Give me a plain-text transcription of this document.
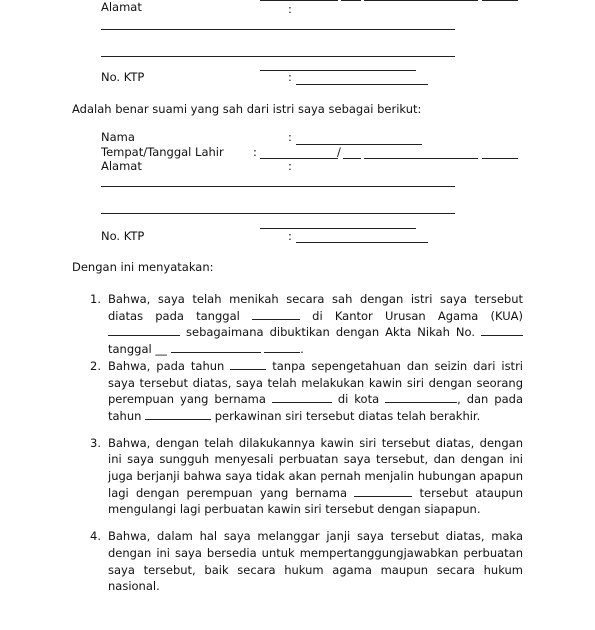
Alamat	:
No. KTP	:
Adalah benar suami yang sah dari istri saya sebagai berikut:
Nama	:
Tempat/Tanggal Lahir	:	/
Alamat	:
No. KTP	:
Dengan ini menyatakan:
1. Bahwa, saya telah menikah secara sah dengan istri saya tersebut diatas pada tanggal	di Kantor Urusan Agama (KUA)  sebagaimana dibuktikan dengan Akta Nikah No.  tanggal __	.
2. Bahwa, pada tahun	tanpa sepengetahuan dan seizin dari istri saya tersebut diatas, saya telah melakukan kawin siri dengan seorang perempuan yang bernama	di kota	, dan pada tahun	perkawinan siri tersebut diatas telah berakhir.
3. Bahwa, dengan telah dilakukannya kawin siri tersebut diatas, dengan ini saya sungguh menyesali perbuatan saya tersebut, dan dengan ini juga berjanji bahwa saya tidak akan pernah menjalin hubungan apapun lagi dengan perempuan yang bernama	tersebut ataupun mengulangi lagi perbuatan kawin siri tersebut dengan siapapun.
4. Bahwa, dalam hal saya melanggar janji saya tersebut diatas, maka dengan ini saya bersedia untuk mempertanggungjawabkan perbuatan saya tersebut, baik secara hukum agama maupun secara hukum nasional.
